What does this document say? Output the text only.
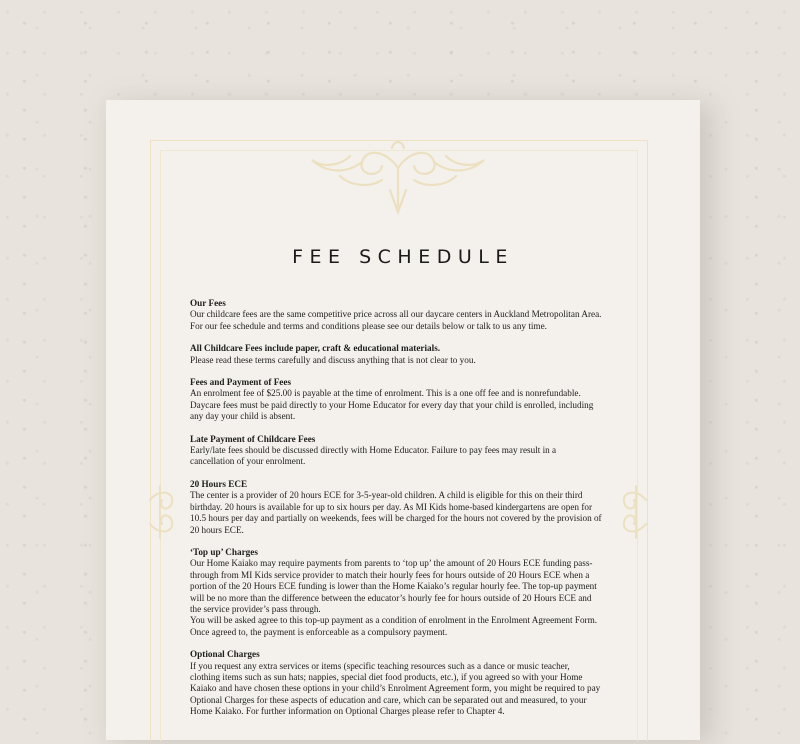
FEE SCHEDULE
Our Fees

Our childcare fees are the same competitive price across all our daycare centers in Auckland Metropolitan Area.

For our fee schedule and terms and conditions please see our details below or talk to us any time.

All Childcare Fees include paper, craft & educational materials.

Please read these terms carefully and discuss anything that is not clear to you.

Fees and Payment of Fees

An enrolment fee of $25.00 is payable at the time of enrolment. This is a one off fee and is nonrefundable.

Daycare fees must be paid directly to your Home Educator for every day that your child is enrolled, including any day your child is absent.

Late Payment of Childcare Fees

Early/late fees should be discussed directly with Home Educator. Failure to pay fees may result in a cancellation of your enrolment.

20 Hours ECE

The center is a provider of 20 hours ECE for 3-5-year-old children. A child is eligible for this on their third birthday. 20 hours is available for up to six hours per day. As MI Kids home-based kindergartens are open for 10.5 hours per day and partially on weekends, fees will be charged for the hours not covered by the provision of 20 hours ECE.

‘Top up’ Charges

Our Home Kaiako may require payments from parents to ‘top up’ the amount of 20 Hours ECE funding pass-through from MI Kids service provider to match their hourly fees for hours outside of 20 Hours ECE when a portion of the 20 Hours ECE funding is lower than the Home Kaiako’s regular hourly fee. The top-up payment will be no more than the difference between the educator’s hourly fee for hours outside of 20 Hours ECE and the service provider’s pass through.

You will be asked agree to this top-up payment as a condition of enrolment in the Enrolment Agreement Form. Once agreed to, the payment is enforceable as a compulsory payment.

Optional Charges

If you request any extra services or items (specific teaching resources such as a dance or music teacher, clothing items such as sun hats; nappies, special diet food products, etc.), if you agreed so with your Home Kaiako and have chosen these options in your child’s Enrolment Agreement form, you might be required to pay Optional Charges for these aspects of education and care, which can be separated out and measured, to your Home Kaiako. For further information on Optional Charges please refer to Chapter 4.
